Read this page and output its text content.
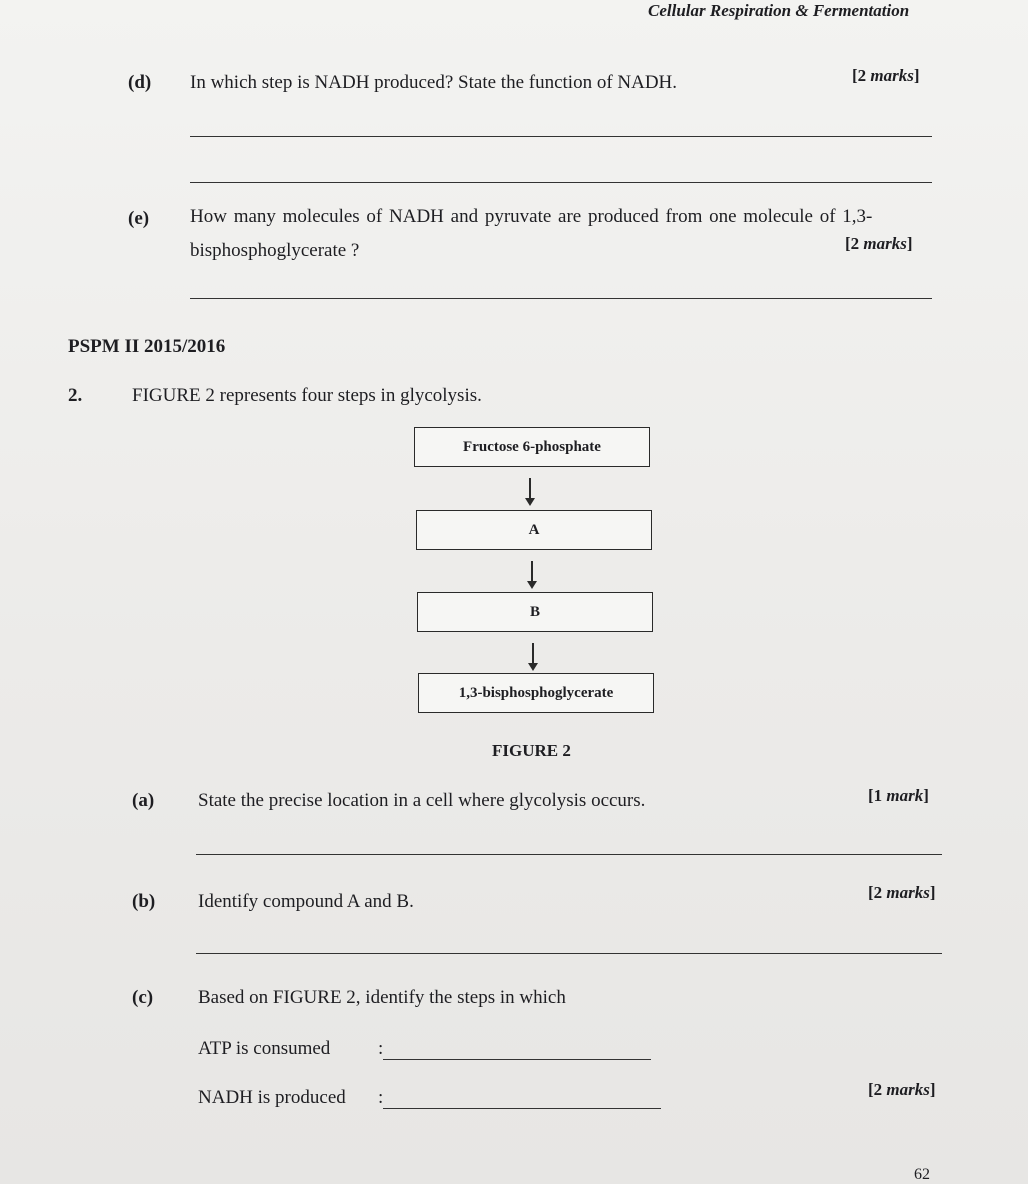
Cellular Respiration & Fermentation
(d) In which step is NADH produced? State the function of NADH.	[2 marks]
(e) How many molecules of NADH and pyruvate are produced from one molecule of 1,3-
bisphosphoglycerate ?	[2 marks]
PSPM II 2015/2016
2.	FIGURE 2 represents four steps in glycolysis.
Fructose 6-phosphate
A
B
1,3-bisphosphoglycerate
FIGURE 2
(a) State the precise location in a cell where glycolysis occurs.	[1 mark]
(b) Identify compound A and B.	[2 marks]
(c) Based on FIGURE 2, identify the steps in which
ATP is consumed	:
NADH is produced :	[2 marks]
62
